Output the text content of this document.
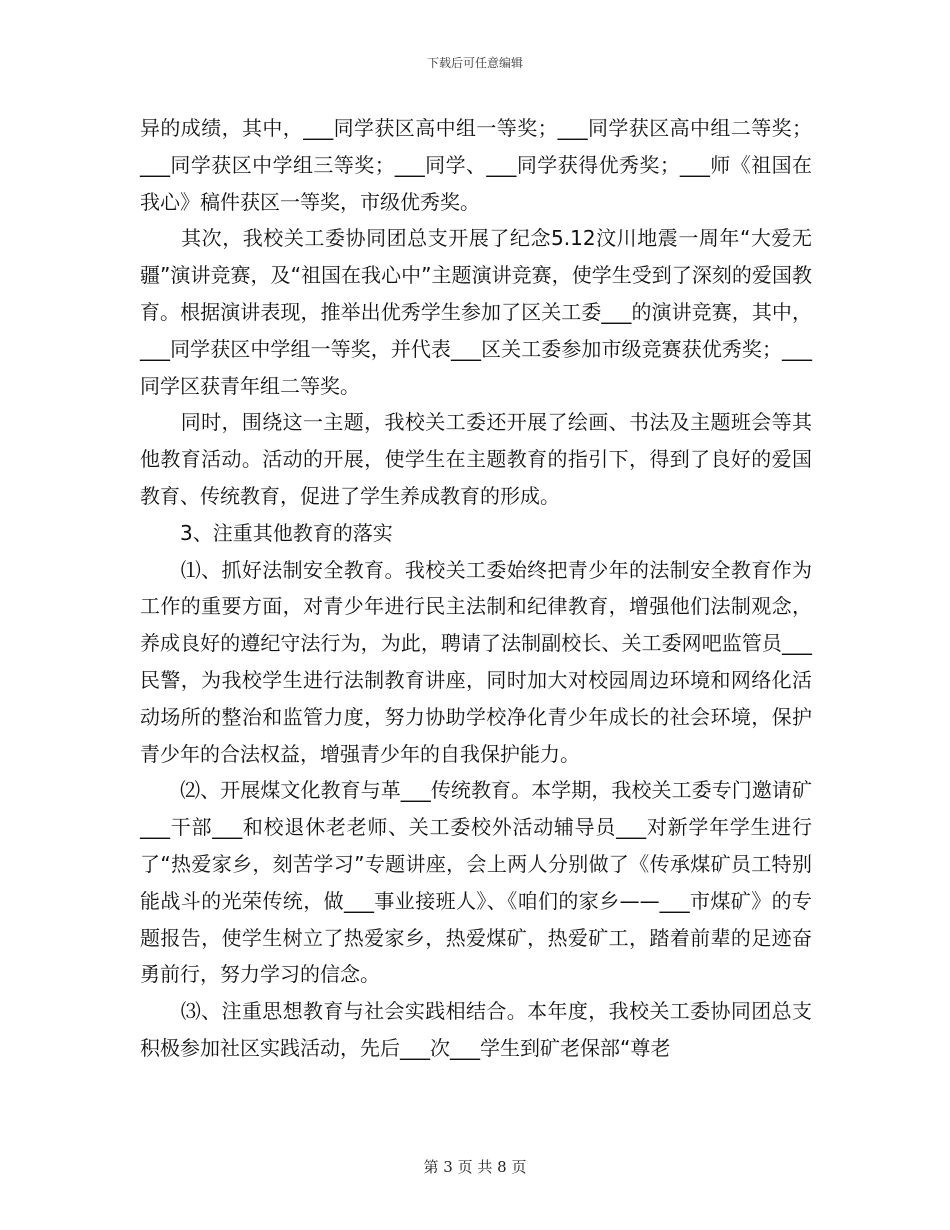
下载后可任意编辑

异的成绩，其中，___同学获区高中组一等奖；___同学获区高中组二等奖；___同学获区中学组三等奖；___同学、___同学获得优秀奖；___师《祖国在我心》稿件获区一等奖，市级优秀奖。

　　其次，我校关工委协同团总支开展了纪念5.12汶川地震一周年“大爱无疆”演讲竞赛，及“祖国在我心中”主题演讲竞赛，使学生受到了深刻的爱国教育。根据演讲表现，推举出优秀学生参加了区关工委___的演讲竞赛，其中，___同学获区中学组一等奖，并代表___区关工委参加市级竞赛获优秀奖；___同学区获青年组二等奖。

　　同时，围绕这一主题，我校关工委还开展了绘画、书法及主题班会等其他教育活动。活动的开展，使学生在主题教育的指引下，得到了良好的爱国教育、传统教育，促进了学生养成教育的形成。

　　3、注重其他教育的落实

　　⑴、抓好法制安全教育。我校关工委始终把青少年的法制安全教育作为工作的重要方面，对青少年进行民主法制和纪律教育，增强他们法制观念，养成良好的遵纪守法行为，为此，聘请了法制副校长、关工委网吧监管员___民警，为我校学生进行法制教育讲座，同时加大对校园周边环境和网络化活动场所的整治和监管力度，努力协助学校净化青少年成长的社会环境，保护青少年的合法权益，增强青少年的自我保护能力。

　　⑵、开展煤文化教育与革___传统教育。本学期，我校关工委专门邀请矿___干部___和校退休老老师、关工委校外活动辅导员___对新学年学生进行了“热爱家乡，刻苦学习”专题讲座，会上两人分别做了《传承煤矿员工特别能战斗的光荣传统，做___事业接班人》、《咱们的家乡——___市煤矿》的专题报告，使学生树立了热爱家乡，热爱煤矿，热爱矿工，踏着前辈的足迹奋勇前行，努力学习的信念。

　　⑶、注重思想教育与社会实践相结合。本年度，我校关工委协同团总支积极参加社区实践活动，先后___次___学生到矿老保部“尊老

第 3 页 共 8 页
